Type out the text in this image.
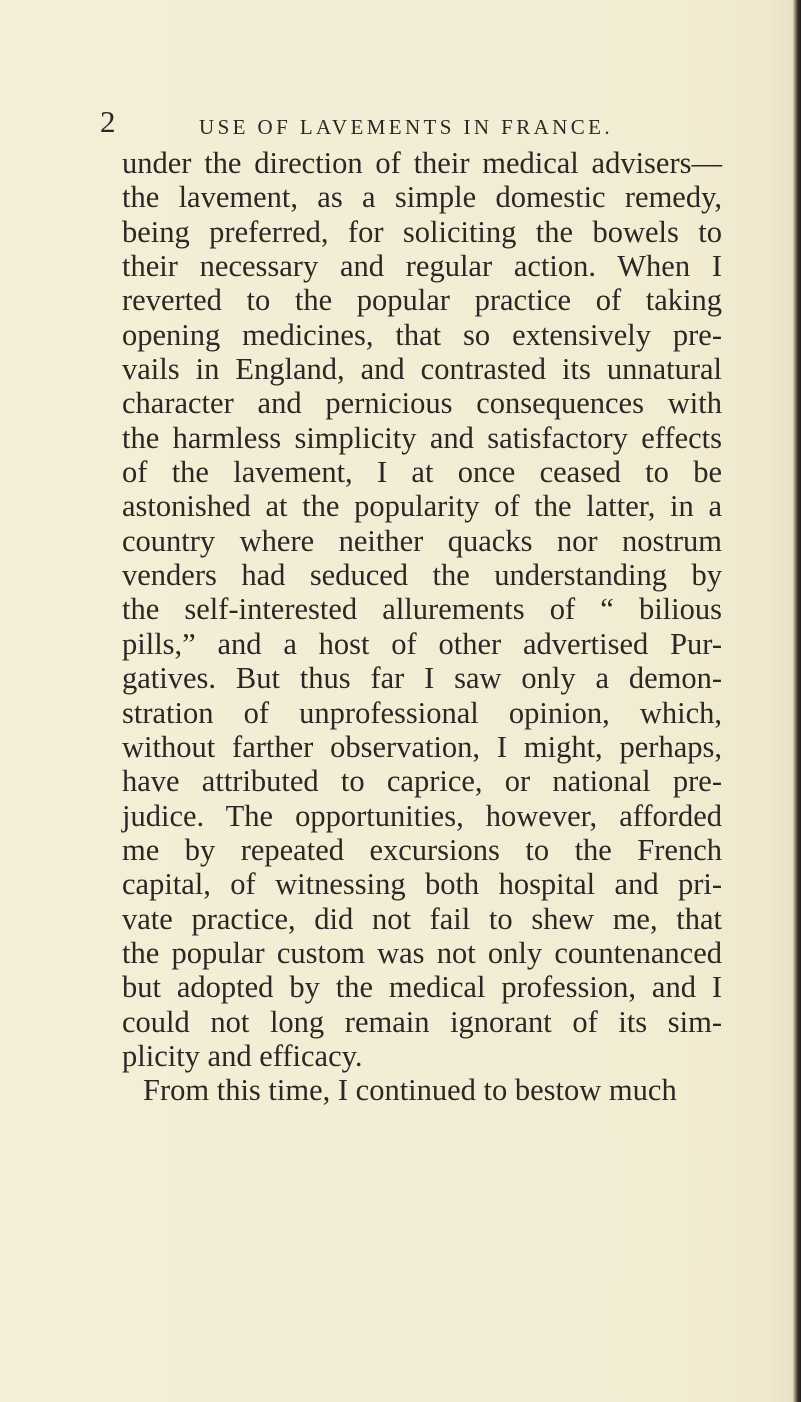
2	USE OF LAVEMENTS IN FRANCE.
under the direction of their medical advisers—
the lavement, as a simple domestic remedy,
being preferred, for soliciting the bowels to
their necessary and regular action. When I
reverted to the popular practice of taking
opening medicines, that so extensively pre-
vails in England, and contrasted its unnatural
character and pernicious consequences with
the harmless simplicity and satisfactory effects
of the lavement, I at once ceased to be
astonished at the popularity of the latter, in a
country where neither quacks nor nostrum
venders had seduced the understanding by
the self-interested allurements of “ bilious
pills,” and a host of other advertised Pur-
gatives. But thus far I saw only a demon-
stration of unprofessional opinion, which,
without farther observation, I might, perhaps,
have attributed to caprice, or national pre-
judice. The opportunities, however, afforded
me by repeated excursions to the French
capital, of witnessing both hospital and pri-
vate practice, did not fail to shew me, that
the popular custom was not only countenanced
but adopted by the medical profession, and I
could not long remain ignorant of its sim-
plicity and efficacy.
From this time, I continued to bestow much
